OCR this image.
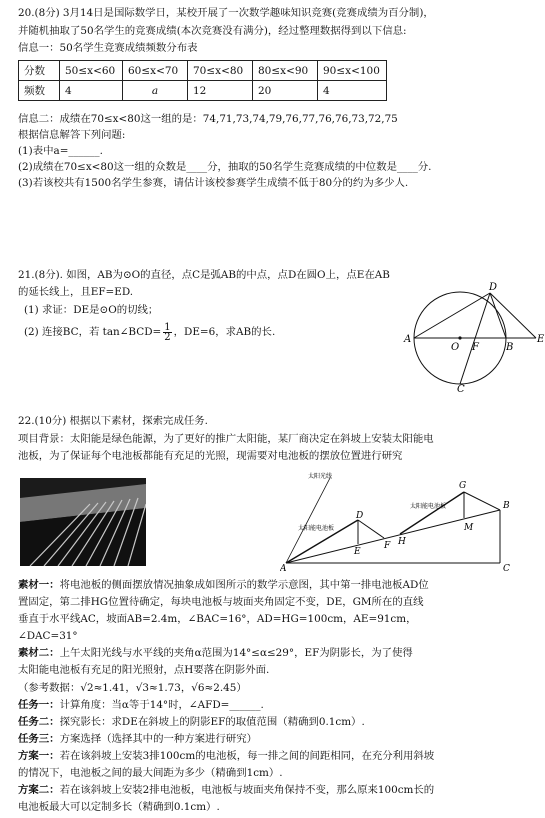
20.(8分) 3月14日是国际数学日，某校开展了一次数学趣味知识竞赛(竞赛成绩为百分制)，
并随机抽取了50名学生的竞赛成绩(本次竞赛没有满分)，经过整理数据得到以下信息:
信息一：50名学生竞赛成绩频数分布表
分数	50≤x<60	60≤x<70	70≤x<80	80≤x<90	90≤x<100
频数	4	a	12	20	4
信息二：成绩在70≤x<80这一组的是：74,71,73,74,79,76,77,76,76,73,72,75
根据信息解答下列问题:
(1)表中a=______.
(2)成绩在70≤x<80这一组的众数是____分，抽取的50名学生竞赛成绩的中位数是____分.
(3)若该校共有1500名学生参赛，请估计该校参赛学生成绩不低于80分的约为多少人.
21.(8分). 如图，AB为⊙O的直径，点C是弧AB的中点，点D在圆O上，点E在AB
的延长线上，且EF=ED.
(1) 求证：DE是⊙O的切线；
(2) 连接BC，若 tan∠BCD= $\frac{1}{2}$ ，DE=6，求AB的长.
A
O F	B
E
D
C
22.(10分) 根据以下素材，探索完成任务.
项目背景：太阳能是绿色能源，为了更好的推广太阳能，某厂商决定在斜坡上安装太阳能电
池板，为了保证每个电池板都能有充足的光照，现需要对电池板的摆放位置进行研究
太阳光线
太阳能电池板
太阳能电池板
A
B
C
D
E
F
G
H
M
素材一：将电池板的侧面摆放情况抽象成如图所示的数学示意图，其中第一排电池板AD位
置固定，第二排HG位置待确定，每块电池板与坡面夹角固定不变，DE，GM所在的直线
垂直于水平线AC，坡面AB=2.4m，∠BAC=16°，AD=HG=100cm，AE=91cm，
∠DAC=31°
素材二：上午太阳光线与水平线的夹角α范围为14°≤α≤29°，EF为阴影长，为了使得
太阳能电池板有充足的阳光照射，点H要落在阴影外面.
（参考数据：√2≈1.41，√3≈1.73，√6≈2.45）
任务一：计算角度：当α等于14°时，∠AFD=______.
任务二：探究影长：求DE在斜坡上的阴影EF的取值范围（精确到0.1cm）.
任务三：方案选择（选择其中的一种方案进行研究）
方案一：若在该斜坡上安装3排100cm的电池板，每一排之间的间距相同，在充分利用斜坡
的情况下，电池板之间的最大间距为多少（精确到1cm）.
方案二：若在该斜坡上安装2排电池板，电池板与坡面夹角保持不变，那么原来100cm长的
电池板最大可以定制多长（精确到0.1cm）.
